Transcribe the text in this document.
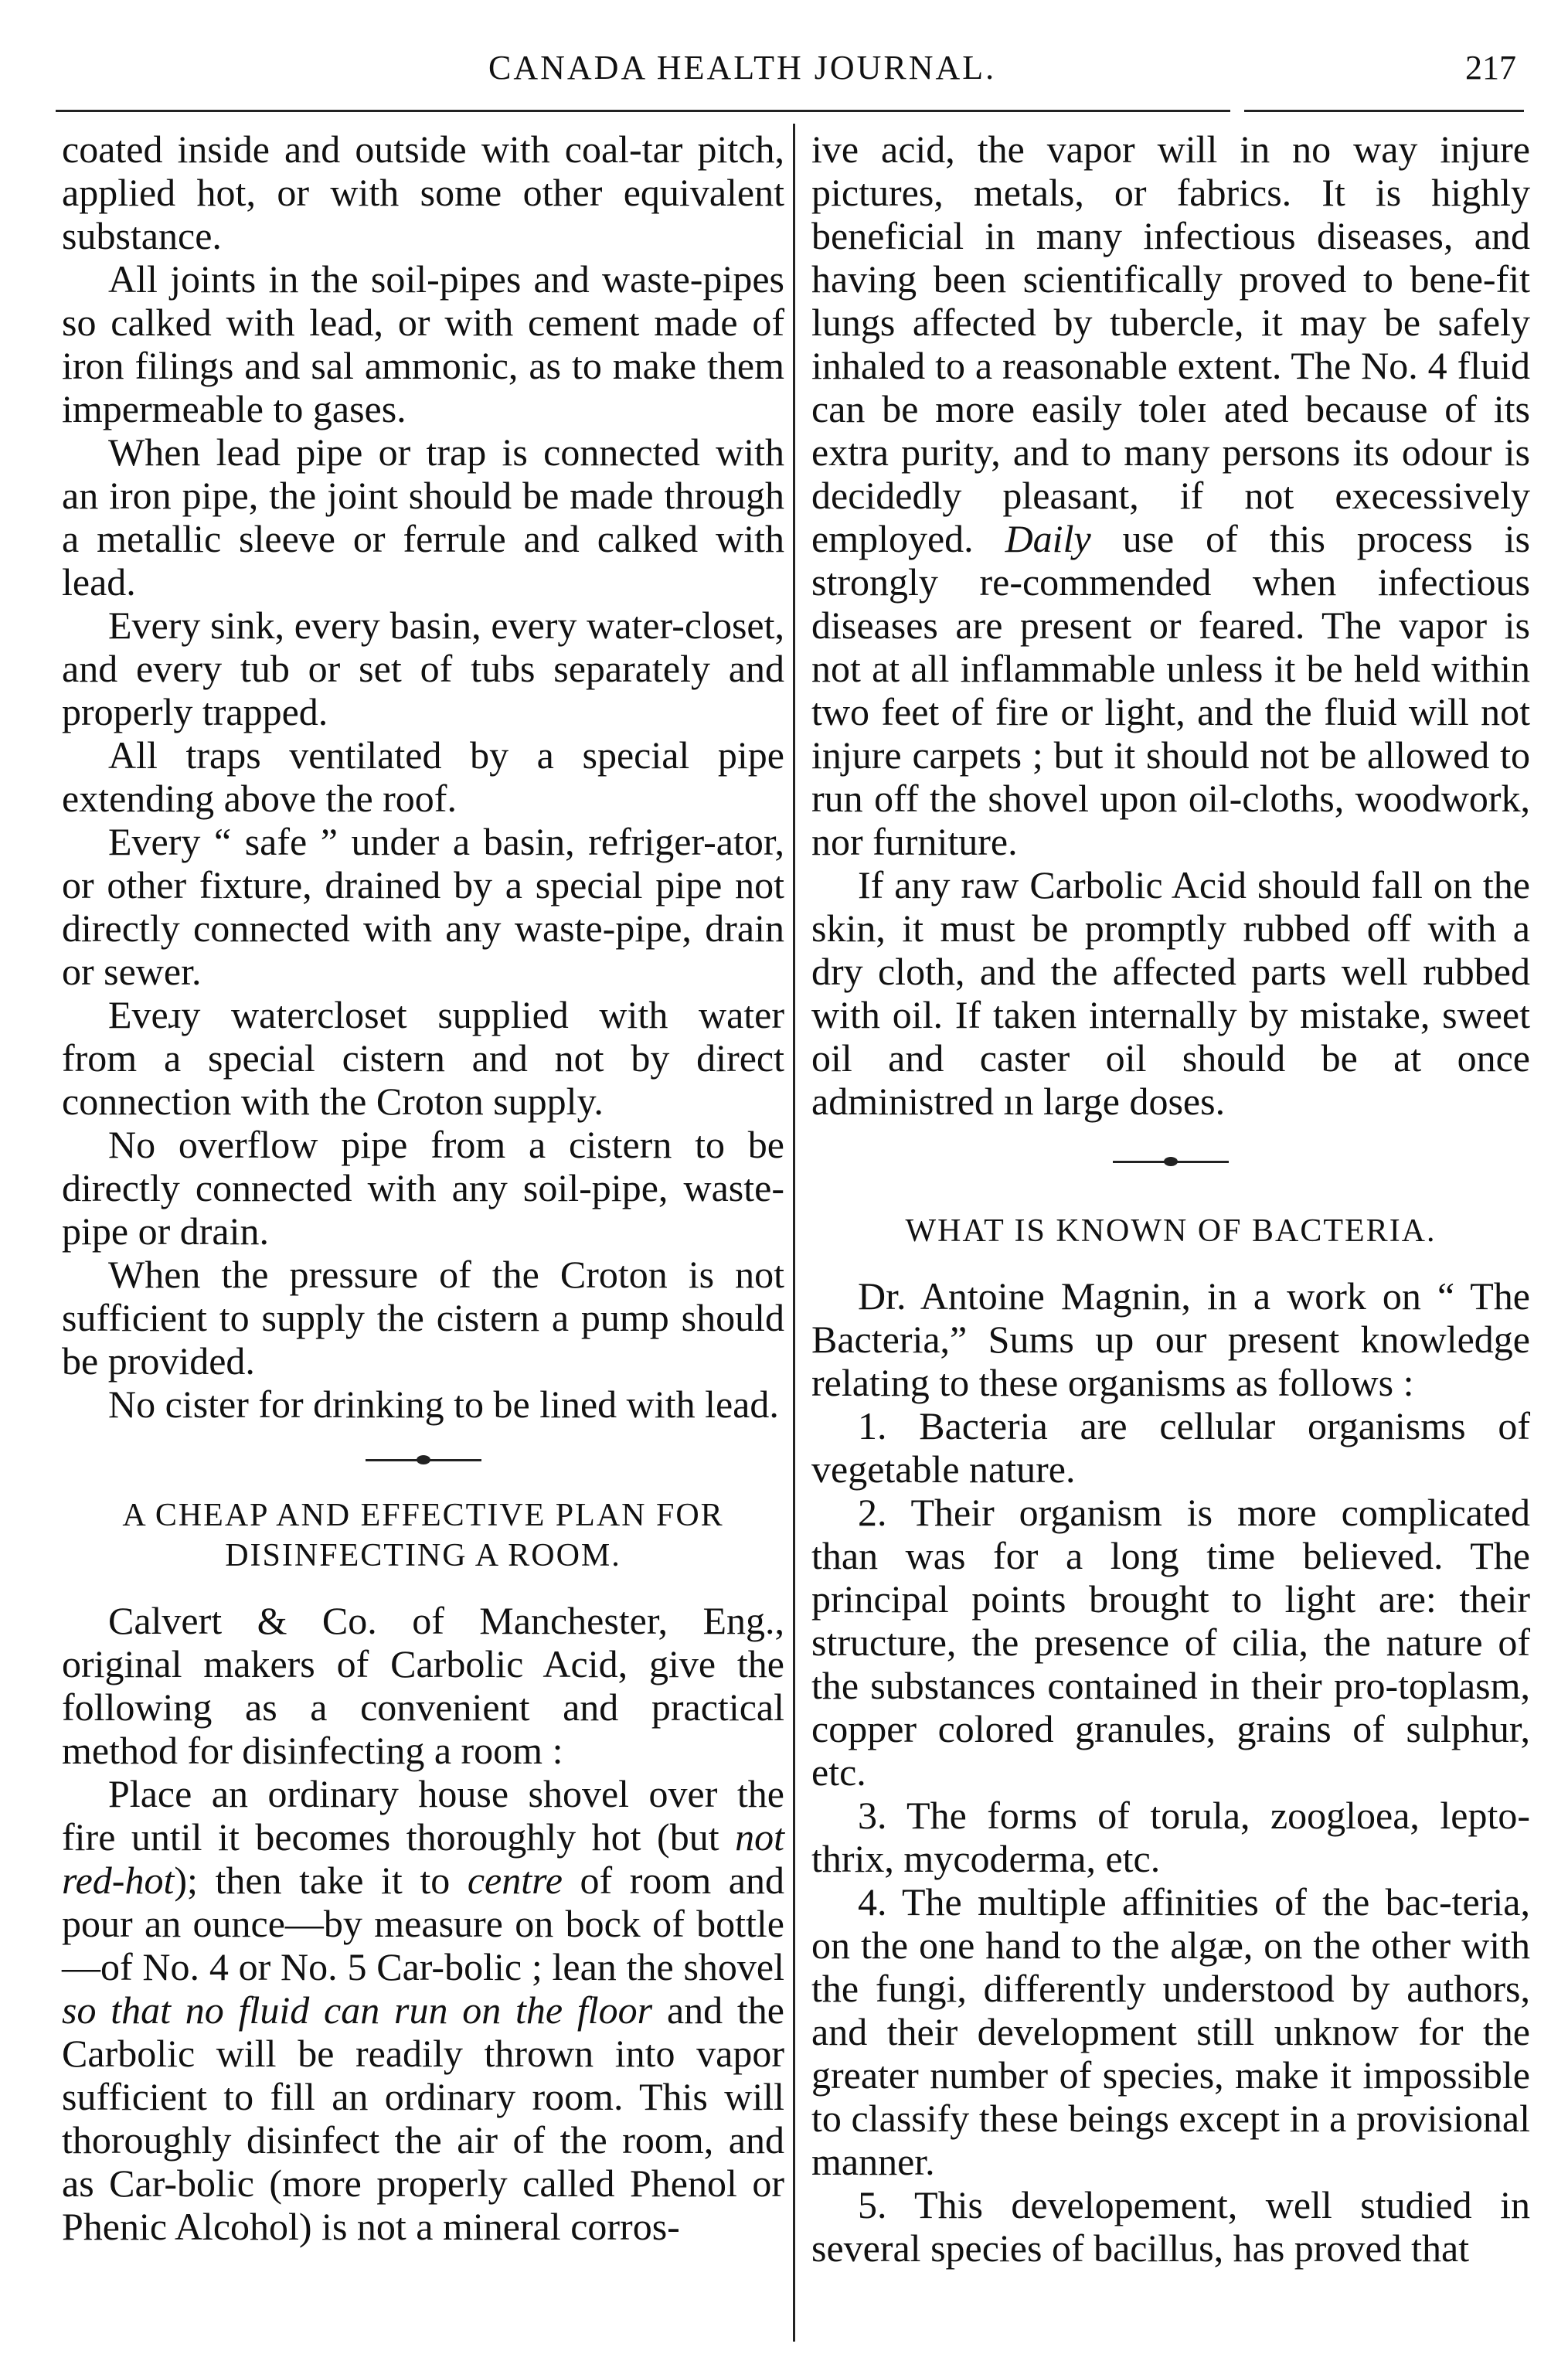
CANADA HEALTH JOURNAL.	217

coated inside and outside with coal-tar pitch, applied hot, or with some other equivalent substance.

All joints in the soil-pipes and waste-pipes so calked with lead, or with cement made of iron filings and sal ammonic, as to make them impermeable to gases.

When lead pipe or trap is connected with an iron pipe, the joint should be made through a metallic sleeve or ferrule and calked with lead.

Every sink, every basin, every water-closet, and every tub or set of tubs separately and properly trapped.

All traps ventilated by a special pipe extending above the roof.

Every “ safe ” under a basin, refriger-ator, or other fixture, drained by a special pipe not directly connected with any waste-pipe, drain or sewer.

Eveɹy watercloset supplied with water from a special cistern and not by direct connection with the Croton supply.

No overflow pipe from a cistern to be directly connected with any soil-pipe, waste-pipe or drain.

When the pressure of the Croton is not sufficient to supply the cistern a pump should be provided.

No cister for drinking to be lined with lead.

A CHEAP AND EFFECTIVE PLAN FOR
DISINFECTING A ROOM.

Calvert & Co. of Manchester, Eng., original makers of Carbolic Acid, give the following as a convenient and practical method for disinfecting a room :

Place an ordinary house shovel over the fire until it becomes thoroughly hot (but not red-hot); then take it to centre of room and pour an ounce—by measure on bock of bottle—of No. 4 or No. 5 Car-bolic ; lean the shovel so that no fluid can run on the floor and the Carbolic will be readily thrown into vapor sufficient to fill an ordinary room. This will thoroughly disinfect the air of the room, and as Car-bolic (more properly called Phenol or Phenic Alcohol) is not a mineral corros-

ive acid, the vapor will in no way injure pictures, metals, or fabrics. It is highly beneficial in many infectious diseases, and having been scientifically proved to bene-fit lungs affected by tubercle, it may be safely inhaled to a reasonable extent. The No. 4 fluid can be more easily toleɪ ated because of its extra purity, and to many persons its odour is decidedly pleasant, if not execessively employed. Daily use of this process is strongly re-commended when infectious diseases are present or feared. The vapor is not at all inflammable unless it be held within two feet of fire or light, and the fluid will not injure carpets ; but it should not be allowed to run off the shovel upon oil-cloths, woodwork, nor furniture.

If any raw Carbolic Acid should fall on the skin, it must be promptly rubbed off with a dry cloth, and the affected parts well rubbed with oil. If taken internally by mistake, sweet oil and caster oil should be at once administred ın large doses.

WHAT IS KNOWN OF BACTERIA.

Dr. Antoine Magnin, in a work on “ The Bacteria,” Sums up our present knowledge relating to these organisms as follows :

1. Bacteria are cellular organisms of vegetable nature.

2. Their organism is more complicated than was for a long time believed. The principal points brought to light are: their structure, the presence of cilia, the nature of the substances contained in their pro-toplasm, copper colored granules, grains of sulphur, etc.

3. The forms of torula, zoogloea, lepto-thrix, mycoderma, etc.

4. The multiple affinities of the bac-teria, on the one hand to the algæ, on the other with the fungi, differently understood by authors, and their development still unknow for the greater number of species, make it impossible to classify these beings except in a provisional manner.

5. This developement, well studied in several species of bacillus, has proved that
